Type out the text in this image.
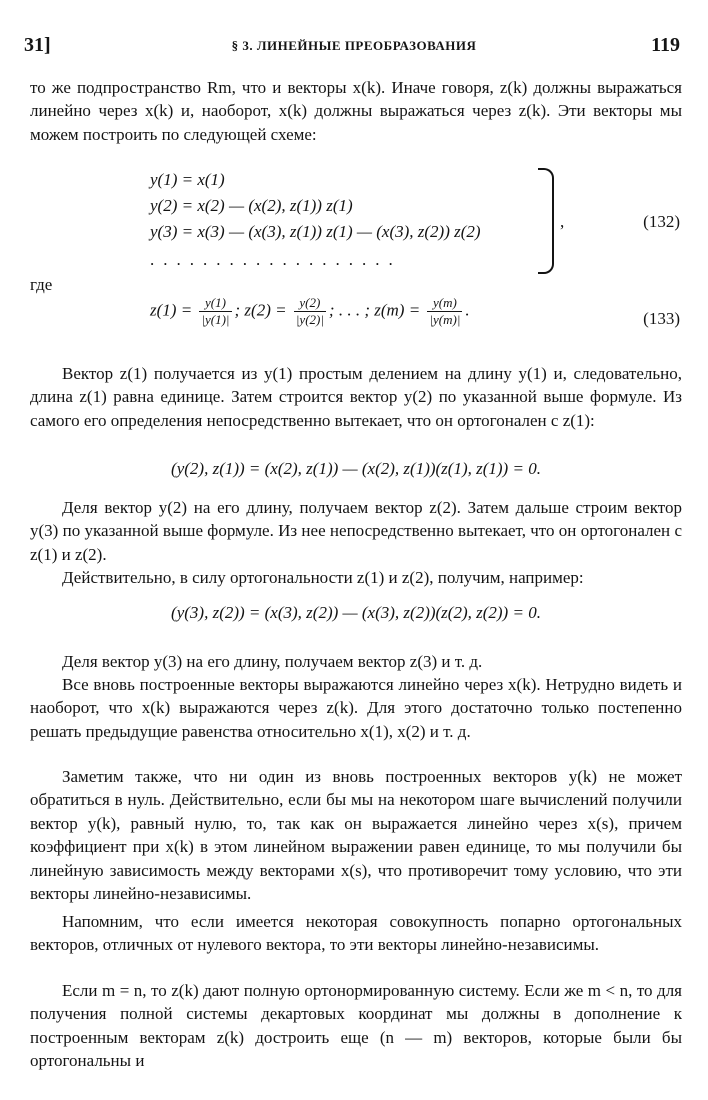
31]	§ 3. ЛИНЕЙНЫЕ ПРЕОБРАЗОВАНИЯ	119
то же подпространство Rm, что и векторы x(k). Иначе говоря, z(k) должны выражаться линейно через x(k) и, наоборот, x(k) должны выражаться через z(k). Эти векторы мы можем построить по следующей схеме:
y(1) = x(1)
y(2) = x(2) — (x(2), z(1)) z(1)
y(3) = x(3) — (x(3), z(1)) z(1) — (x(3), z(2)) z(2)
...................
,	(132)
где
$z(1) = \frac{y(1)}{|y(1)|}$ ; $z(2) = \frac{y(2)}{|y(2)|}$ ; . . . ; $z(m) = \frac{y(m)}{|y(m)|}$ .	(133)
Вектор z(1) получается из y(1) простым делением на длину y(1) и, следовательно, длина z(1) равна единице. Затем строится вектор y(2) по указанной выше формуле. Из самого его определения непосредственно вытекает, что он ортогонален с z(1):
(y(2), z(1)) = (x(2), z(1)) — (x(2), z(1))(z(1), z(1)) = 0.
Деля вектор y(2) на его длину, получаем вектор z(2). Затем дальше строим вектор y(3) по указанной выше формуле. Из нее непосредственно вытекает, что он ортогонален с z(1) и z(2).
Действительно, в силу ортогональности z(1) и z(2), получим, например:
(y(3), z(2)) = (x(3), z(2)) — (x(3), z(2))(z(2), z(2)) = 0.
Деля вектор y(3) на его длину, получаем вектор z(3) и т. д.
Все вновь построенные векторы выражаются линейно через x(k). Нетрудно видеть и наоборот, что x(k) выражаются через z(k). Для этого достаточно только постепенно решать предыдущие равенства относительно x(1), x(2) и т. д.
Заметим также, что ни один из вновь построенных векторов y(k) не может обратиться в нуль. Действительно, если бы мы на некотором шаге вычислений получили вектор y(k), равный нулю, то, так как он выражается линейно через x(s), причем коэффициент при x(k) в этом линейном выражении равен единице, то мы получили бы линейную зависимость между векторами x(s), что противоречит тому условию, что эти векторы линейно-независимы.
Напомним, что если имеется некоторая совокупность попарно ортогональных векторов, отличных от нулевого вектора, то эти векторы линейно-независимы.
Если m = n, то z(k) дают полную ортонормированную систему. Если же m < n, то для получения полной системы декартовых координат мы должны в дополнение к построенным векторам z(k) достроить еще (n — m) векторов, которые были бы ортогональны и
